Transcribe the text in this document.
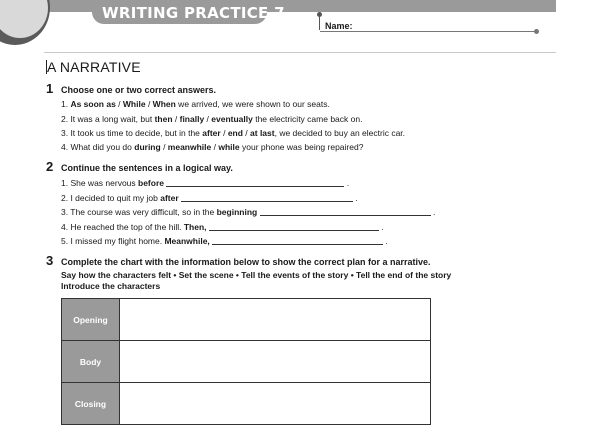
WRITING PRACTICE 7
Name:
A NARRATIVE
1 Choose one or two correct answers.
1. As soon as / While / When we arrived, we were shown to our seats.
2. It was a long wait, but then / finally / eventually the electricity came back on.
3. It took us time to decide, but in the after / end / at last, we decided to buy an electric car.
4. What did you do during / meanwhile / while your phone was being repaired?
2 Continue the sentences in a logical way.
1. She was nervous before	.
2. I decided to quit my job after	.
3. The course was very difficult, so in the beginning	.
4. He reached the top of the hill. Then,	.
5. I missed my flight home. Meanwhile,	.
3 Complete the chart with the information below to show the correct plan for a narrative.
Say how the characters felt • Set the scene • Tell the events of the story • Tell the end of the story
Introduce the characters
Opening	
Body	
Closing	
